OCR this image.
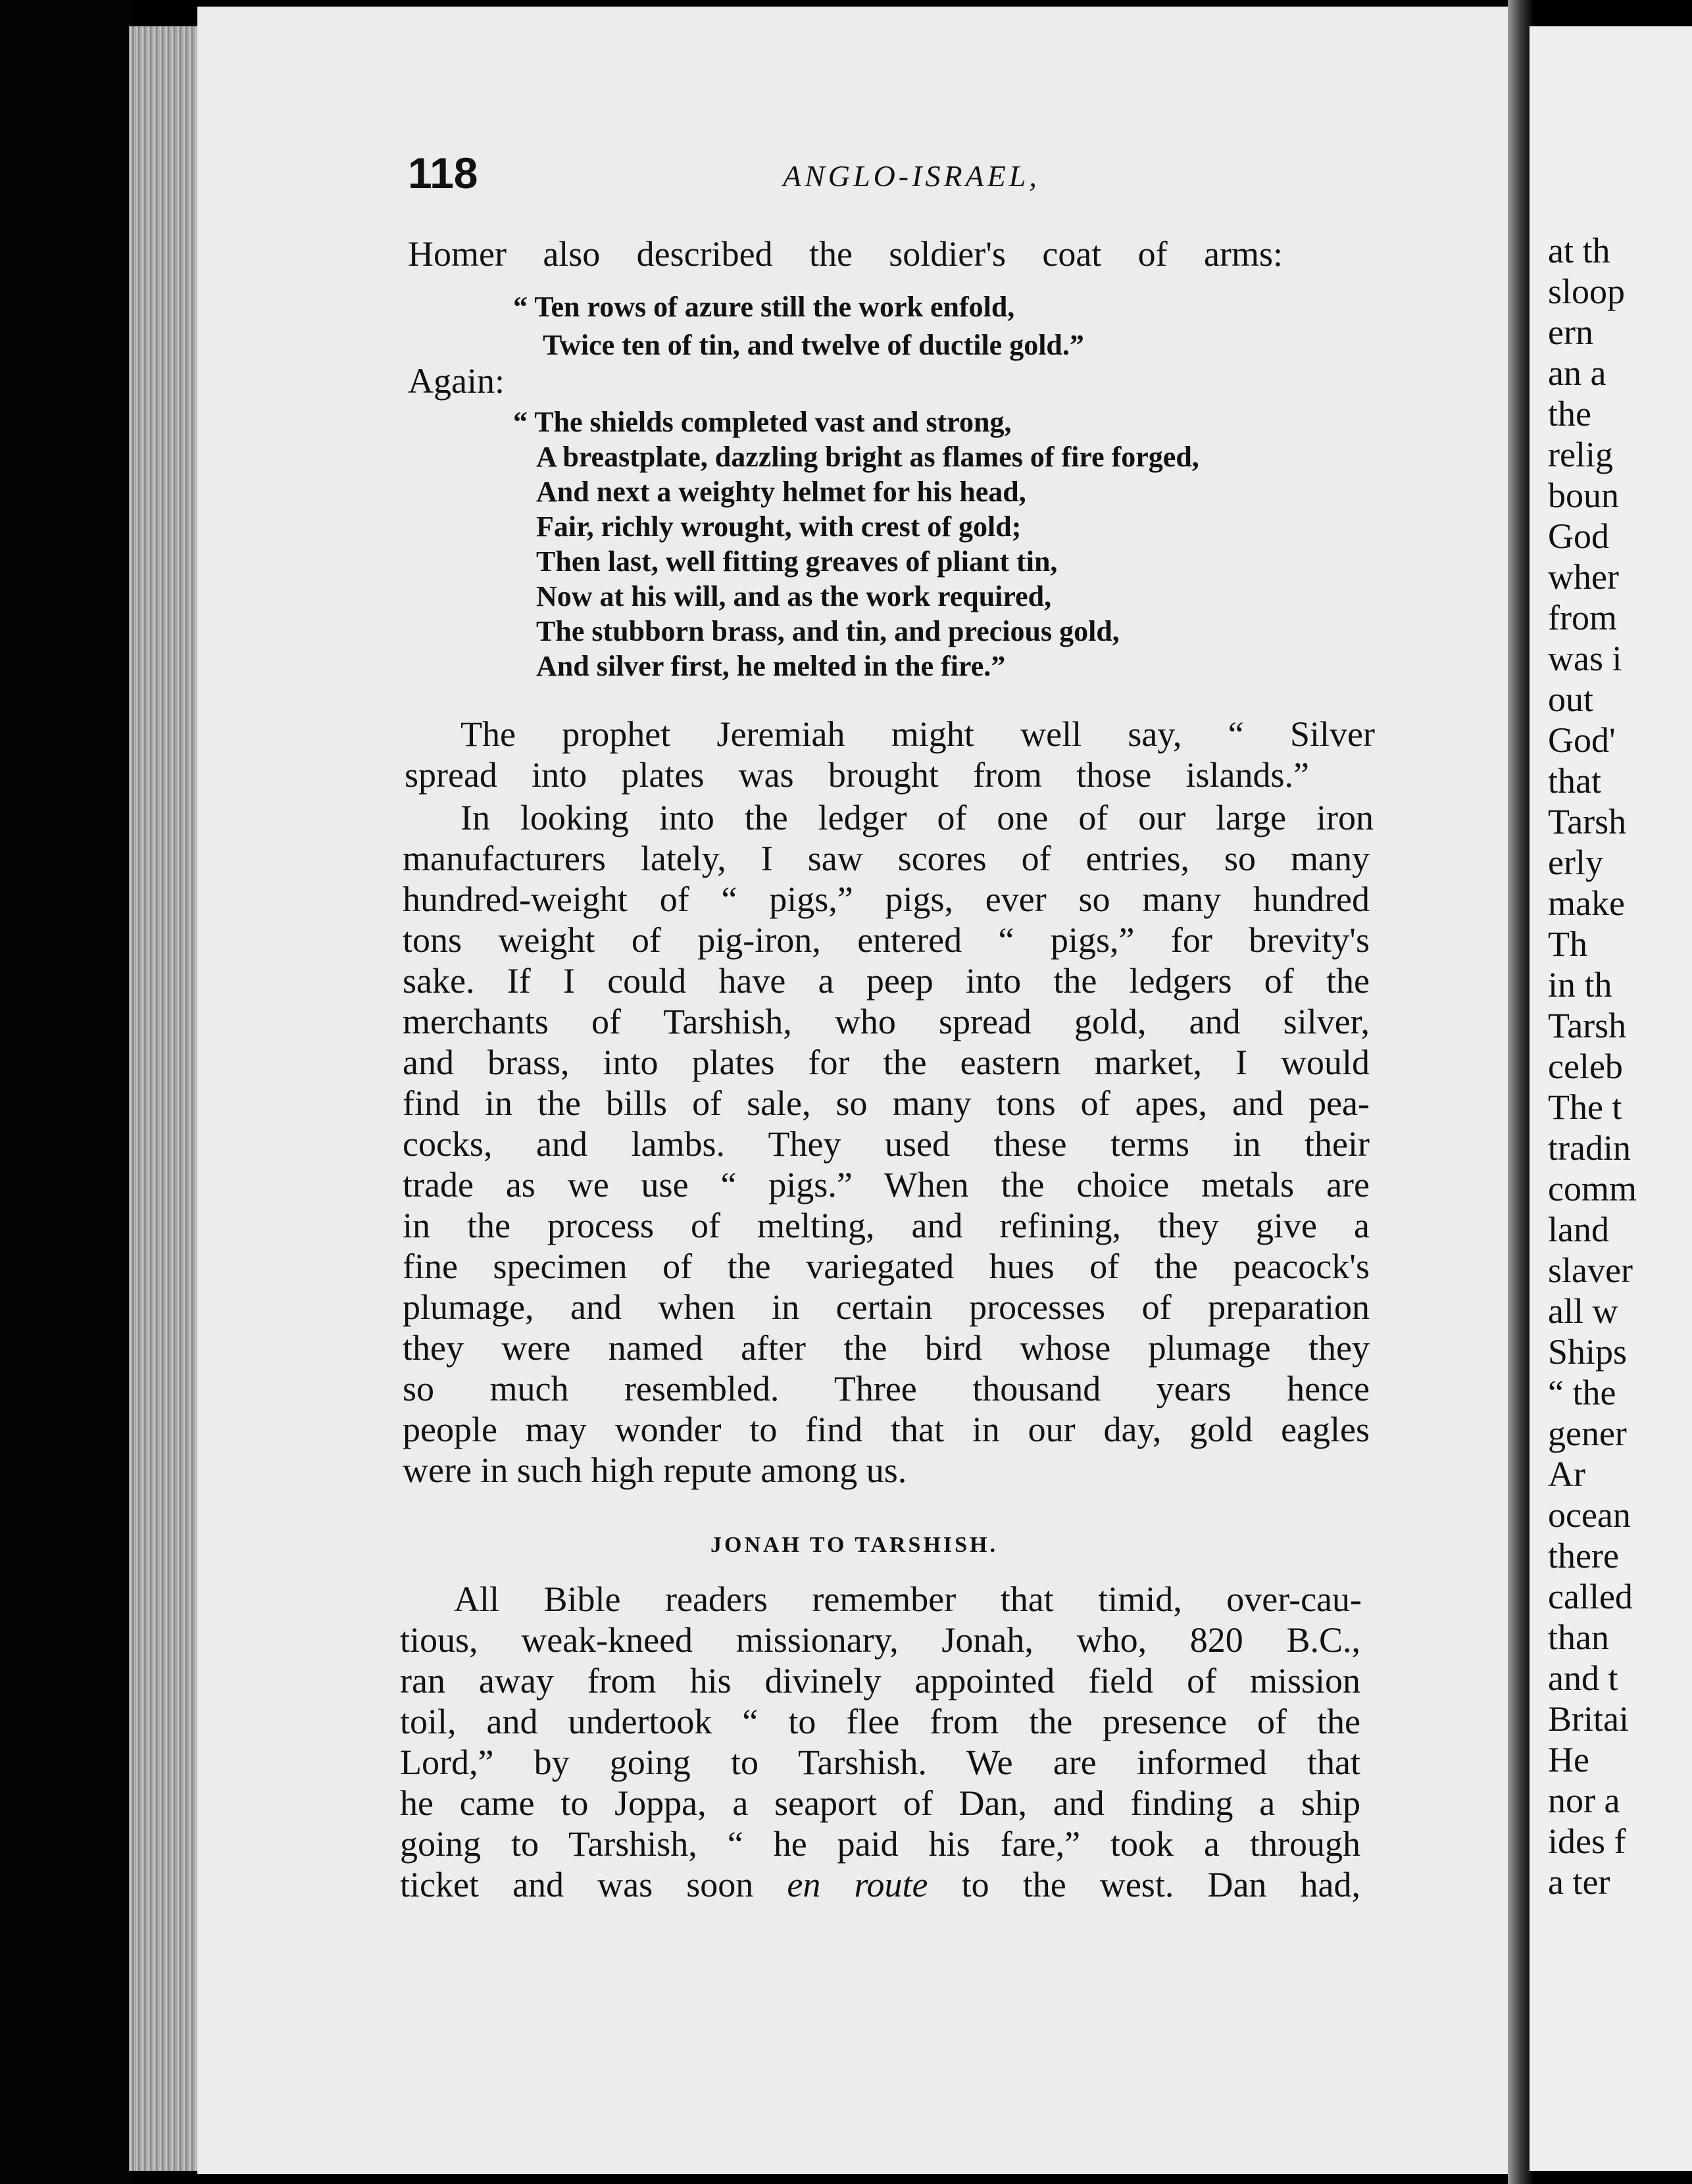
at th
sloop
ern
an a
the
relig
boun
God
wher
from
was i
out
God'
that
Tarsh
erly
make
Th
in th
Tarsh
celeb
The t
tradin
comm
land
slaver
all w
Ships
“ the
gener
Ar
ocean
there
called
than
and t
Britai
He
nor a
ides f
a ter
118	ANGLO-ISRAEL,
Homer also described the soldier's coat of arms:
“ Ten rows of azure still the work enfold,
Twice ten of tin, and twelve of ductile gold.”
Again:
“ The shields completed vast and strong,
A breastplate, dazzling bright as flames of fire forged,
And next a weighty helmet for his head,
Fair, richly wrought, with crest of gold;
Then last, well fitting greaves of pliant tin,
Now at his will, and as the work required,
The stubborn brass, and tin, and precious gold,
And silver first, he melted in the fire.”
The prophet Jeremiah might well say, “ Silver
spread into plates was brought from those islands.”
In looking into the ledger of one of our large iron
manufacturers lately, I saw scores of entries, so many
hundred-weight of “ pigs,” pigs, ever so many hundred
tons weight of pig-iron, entered “ pigs,” for brevity's
sake. If I could have a peep into the ledgers of the
merchants of Tarshish, who spread gold, and silver,
and brass, into plates for the eastern market, I would
find in the bills of sale, so many tons of apes, and pea-
cocks, and lambs. They used these terms in their
trade as we use “ pigs.” When the choice metals are
in the process of melting, and refining, they give a
fine specimen of the variegated hues of the peacock's
plumage, and when in certain processes of preparation
they were named after the bird whose plumage they
so much resembled. Three thousand years hence
people may wonder to find that in our day, gold eagles
were in such high repute among us.
All Bible readers remember that timid, over-cau-
tious, weak-kneed missionary, Jonah, who, 820 B.C.,
ran away from his divinely appointed field of mission
toil, and undertook “ to flee from the presence of the
Lord,” by going to Tarshish. We are informed that
he came to Joppa, a seaport of Dan, and finding a ship
going to Tarshish, “ he paid his fare,” took a through
ticket and was soon en route to the west. Dan had,
JONAH TO TARSHISH.
